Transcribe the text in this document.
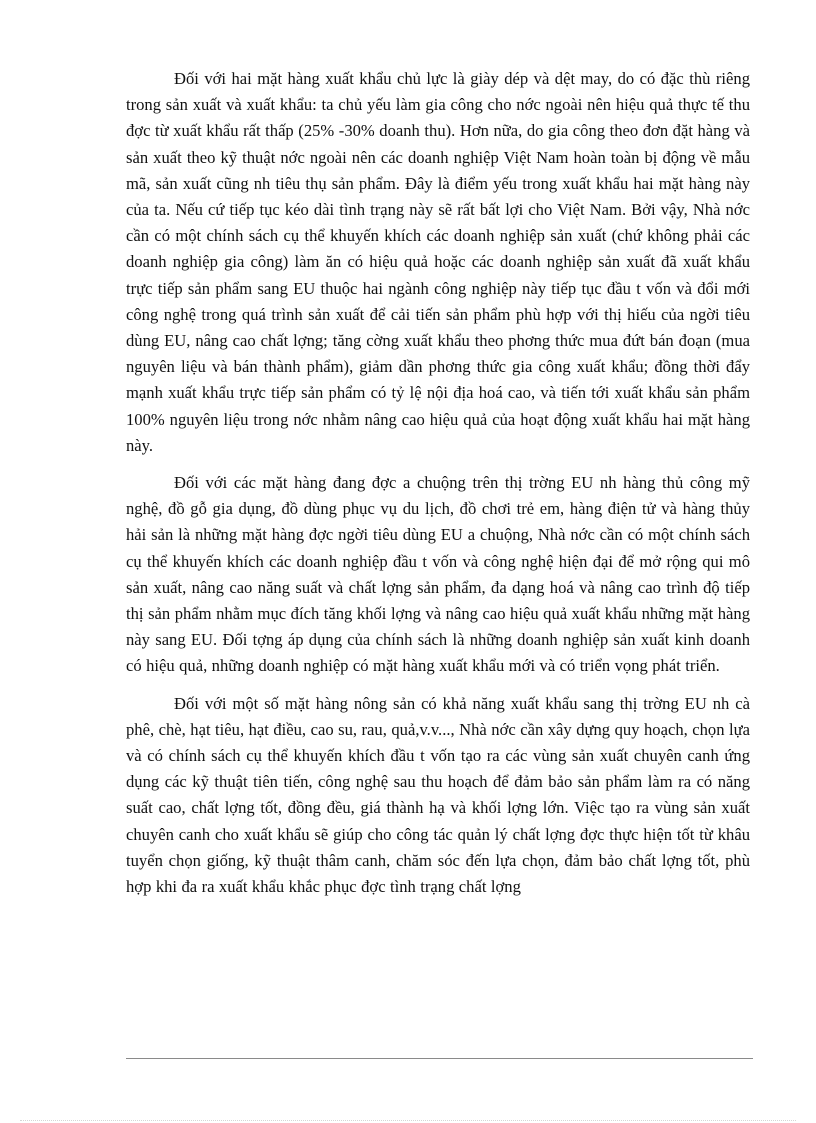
Đối với hai mặt hàng xuất khẩu chủ lực là giày dép và dệt may, do có đặc thù riêng trong sản xuất và xuất khẩu: ta chủ yếu làm gia công cho nớc ngoài nên hiệu quả thực tế thu đợc từ xuất khẩu rất thấp (25% -30% doanh thu). Hơn nữa, do gia công theo đơn đặt hàng và sản xuất theo kỹ thuật nớc ngoài nên các doanh nghiệp Việt Nam hoàn toàn bị động về mẫu mã, sản xuất cũng nh tiêu thụ sản phẩm. Đây là điểm yếu trong xuất khẩu hai mặt hàng này của ta. Nếu cứ tiếp tục kéo dài tình trạng này sẽ rất bất lợi cho Việt Nam. Bởi vậy, Nhà nớc cần có một chính sách cụ thể khuyến khích các doanh nghiệp sản xuất (chứ không phải các doanh nghiệp gia công) làm ăn có hiệu quả hoặc các doanh nghiệp sản xuất đã xuất khẩu trực tiếp sản phẩm sang EU thuộc hai ngành công nghiệp này tiếp tục đầu t vốn và đổi mới công nghệ trong quá trình sản xuất để cải tiến sản phẩm phù hợp với thị hiếu của ngời tiêu dùng EU, nâng cao chất lợng; tăng cờng xuất khẩu theo phơng thức mua đứt bán đoạn (mua nguyên liệu và bán thành phẩm), giảm dần phơng thức gia công xuất khẩu; đồng thời đẩy mạnh xuất khẩu trực tiếp sản phẩm có tỷ lệ nội địa hoá cao, và tiến tới xuất khẩu sản phẩm 100% nguyên liệu trong nớc nhằm nâng cao hiệu quả của hoạt động xuất khẩu hai mặt hàng này.

Đối với các mặt hàng đang đợc a chuộng trên thị trờng EU nh hàng thủ công mỹ nghệ, đồ gỗ gia dụng, đồ dùng phục vụ du lịch, đồ chơi trẻ em, hàng điện tử và hàng thủy hải sản là những mặt hàng đợc ngời tiêu dùng EU a chuộng, Nhà nớc cần có một chính sách cụ thể khuyến khích các doanh nghiệp đầu t vốn và công nghệ hiện đại để mở rộng qui mô sản xuất, nâng cao năng suất và chất lợng sản phẩm, đa dạng hoá và nâng cao trình độ tiếp thị sản phẩm nhằm mục đích tăng khối lợng và nâng cao hiệu quả xuất khẩu những mặt hàng này sang EU. Đối tợng áp dụng của chính sách là những doanh nghiệp sản xuất kinh doanh có hiệu quả, những doanh nghiệp có mặt hàng xuất khẩu mới và có triển vọng phát triển.

Đối với một số mặt hàng nông sản có khả năng xuất khẩu sang thị trờng EU nh cà phê, chè, hạt tiêu, hạt điều, cao su, rau, quả,v.v..., Nhà nớc cần xây dựng quy hoạch, chọn lựa và có chính sách cụ thể khuyến khích đầu t vốn tạo ra các vùng sản xuất chuyên canh ứng dụng các kỹ thuật tiên tiến, công nghệ sau thu hoạch để đảm bảo sản phẩm làm ra có năng suất cao, chất lợng tốt, đồng đều, giá thành hạ và khối lợng lớn. Việc tạo ra vùng sản xuất chuyên canh cho xuất khẩu sẽ giúp cho công tác quản lý chất lợng đợc thực hiện tốt từ khâu tuyển chọn giống, kỹ thuật thâm canh, chăm sóc đến lựa chọn, đảm bảo chất lợng tốt, phù hợp khi đa ra xuất khẩu khắc phục đợc tình trạng chất lợng
